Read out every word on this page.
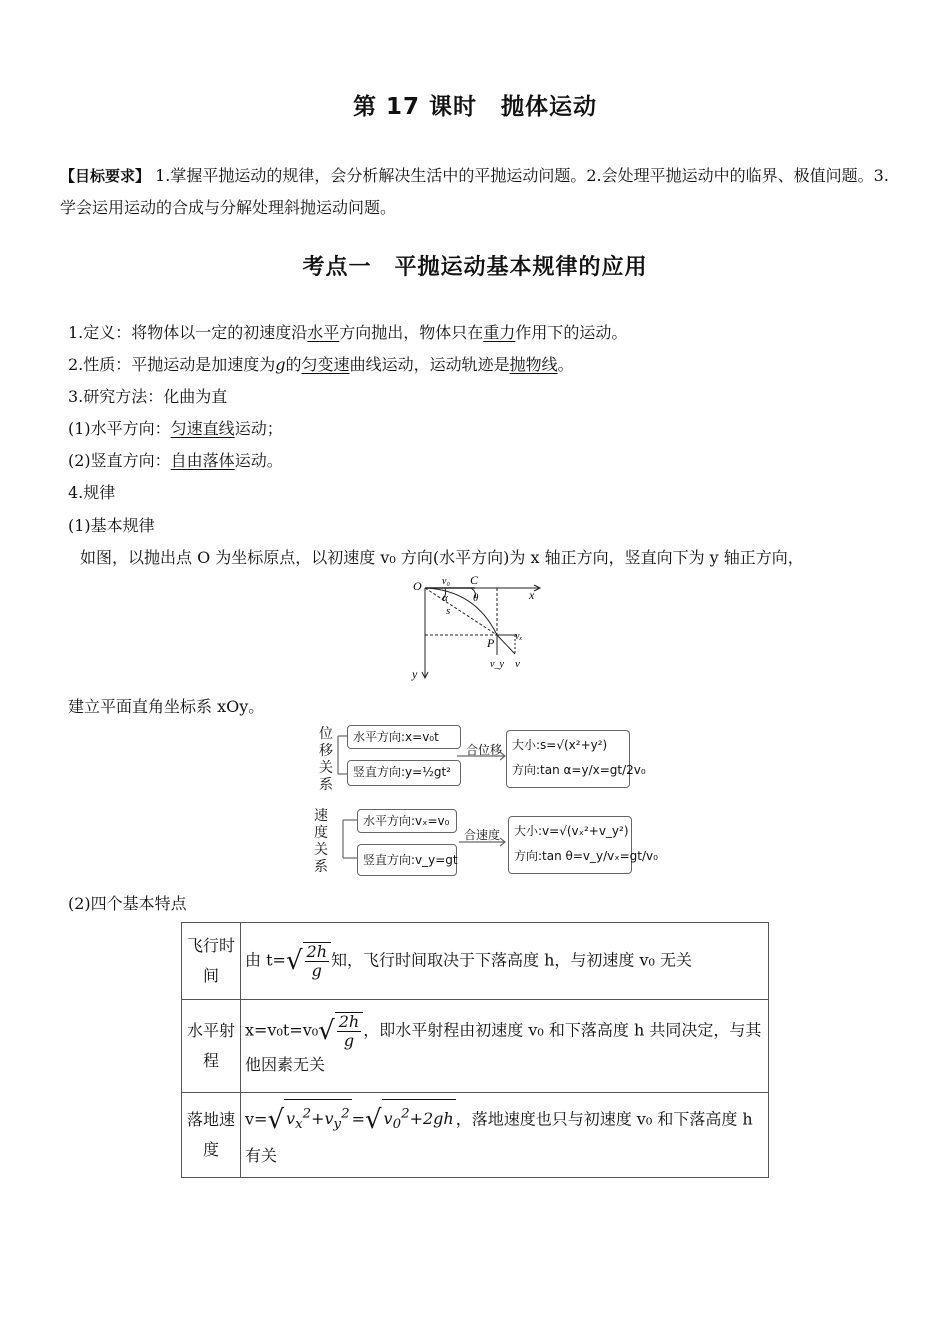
第 17 课时　抛体运动
【目标要求】 1.掌握平抛运动的规律，会分析解决生活中的平抛运动问题。2.会处理平抛运动中的临界、极值问题。3.学会运用运动的合成与分解处理斜抛运动问题。
考点一　平抛运动基本规律的应用
1.定义：将物体以一定的初速度沿水平方向抛出，物体只在重力作用下的运动。
2.性质：平抛运动是加速度为g的匀变速曲线运动，运动轨迹是抛物线。
3.研究方法：化曲为直
(1)水平方向：匀速直线运动；
(2)竖直方向：自由落体运动。
4.规律
(1)基本规律
如图，以抛出点 O 为坐标原点，以初速度 v₀ 方向(水平方向)为 x 轴正方向，竖直向下为 y 轴正方向，
O v₀ C
x
α θ
s
P vₓ
v_y v
y
建立平面直角坐标系 xOy。
位移关系
水平方向:x=v₀t
竖直方向:y=½gt²
合位移 大小:s=√(x²+y²)
方向:tan α=y/x=gt/2v₀
速度关系
水平方向:vₓ=v₀
竖直方向:v_y=gt
合速度 大小:v=√(vₓ²+v_y²)
方向:tan θ=v_y/vₓ=gt/v₀
(2)四个基本特点
飞行时间	由 $t=√ \frac{2h}{g}$ 知，飞行时间取决于下落高度 h，与初速度 v₀ 无关
水平射程	$x=v_0t=v_0√ \frac{2h}{g}$ ，即水平射程由初速度 v₀ 和下落高度 h 共同决定，与其他因素无关
落地速度	v=√ $v_x^2+v_y^2$ =√ $v_0^2+2gh$ ，落地速度也只与初速度 v₀ 和下落高度 h 有关
